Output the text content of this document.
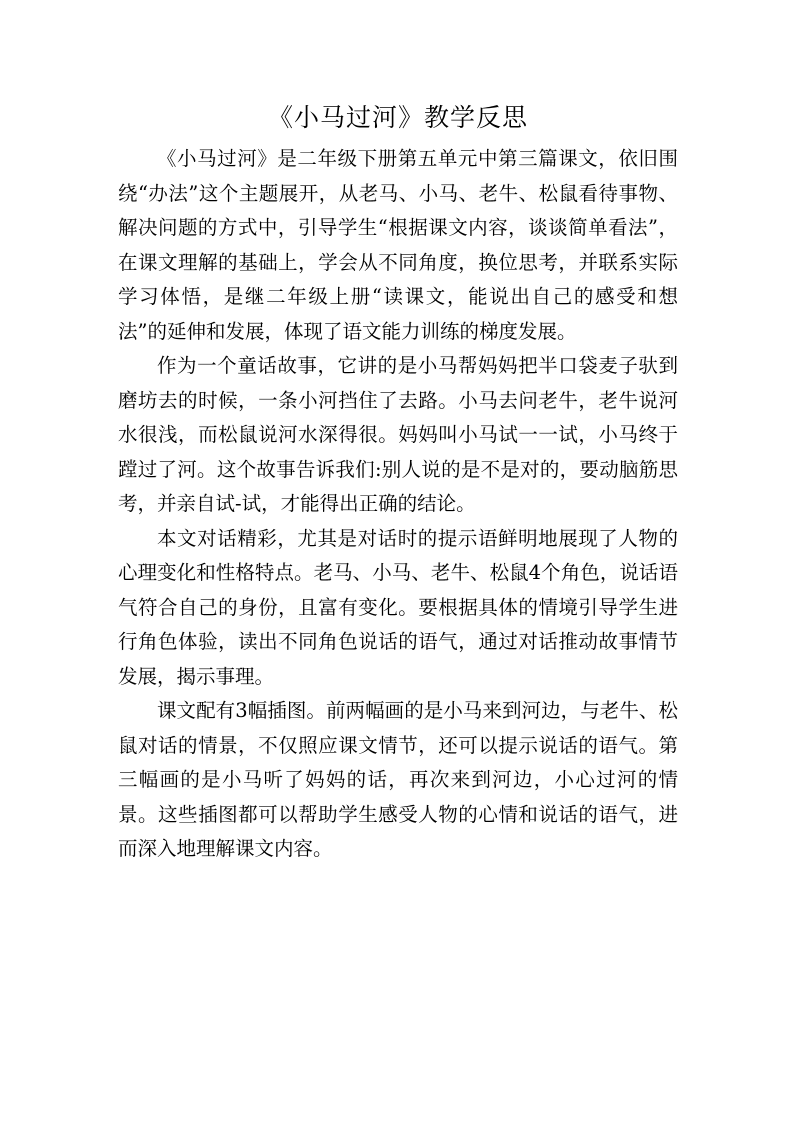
《小马过河》教学反思

《小马过河》是二年级下册第五单元中第三篇课文，依旧围绕“办法”这个主题展开，从老马、小马、老牛、松鼠看待事物、解决问题的方式中，引导学生“根据课文内容，谈谈简单看法”，在课文理解的基础上，学会从不同角度，换位思考，并联系实际学习体悟，是继二年级上册“读课文，能说出自己的感受和想法”的延伸和发展，体现了语文能力训练的梯度发展。

作为一个童话故事，它讲的是小马帮妈妈把半口袋麦子驮到磨坊去的时候，一条小河挡住了去路。小马去问老牛，老牛说河水很浅，而松鼠说河水深得很。妈妈叫小马试一一试，小马终于蹚过了河。这个故事告诉我们:别人说的是不是对的，要动脑筋思考，并亲自试-试，才能得出正确的结论。

本文对话精彩，尤其是对话时的提示语鲜明地展现了人物的心理变化和性格特点。老马、小马、老牛、松鼠4个角色，说话语气符合自己的身份，且富有变化。要根据具体的情境引导学生进行角色体验，读出不同角色说话的语气，通过对话推动故事情节发展，揭示事理。

课文配有3幅插图。前两幅画的是小马来到河边，与老牛、松鼠对话的情景，不仅照应课文情节，还可以提示说话的语气。第三幅画的是小马听了妈妈的话，再次来到河边，小心过河的情景。这些插图都可以帮助学生感受人物的心情和说话的语气，进而深入地理解课文内容。
